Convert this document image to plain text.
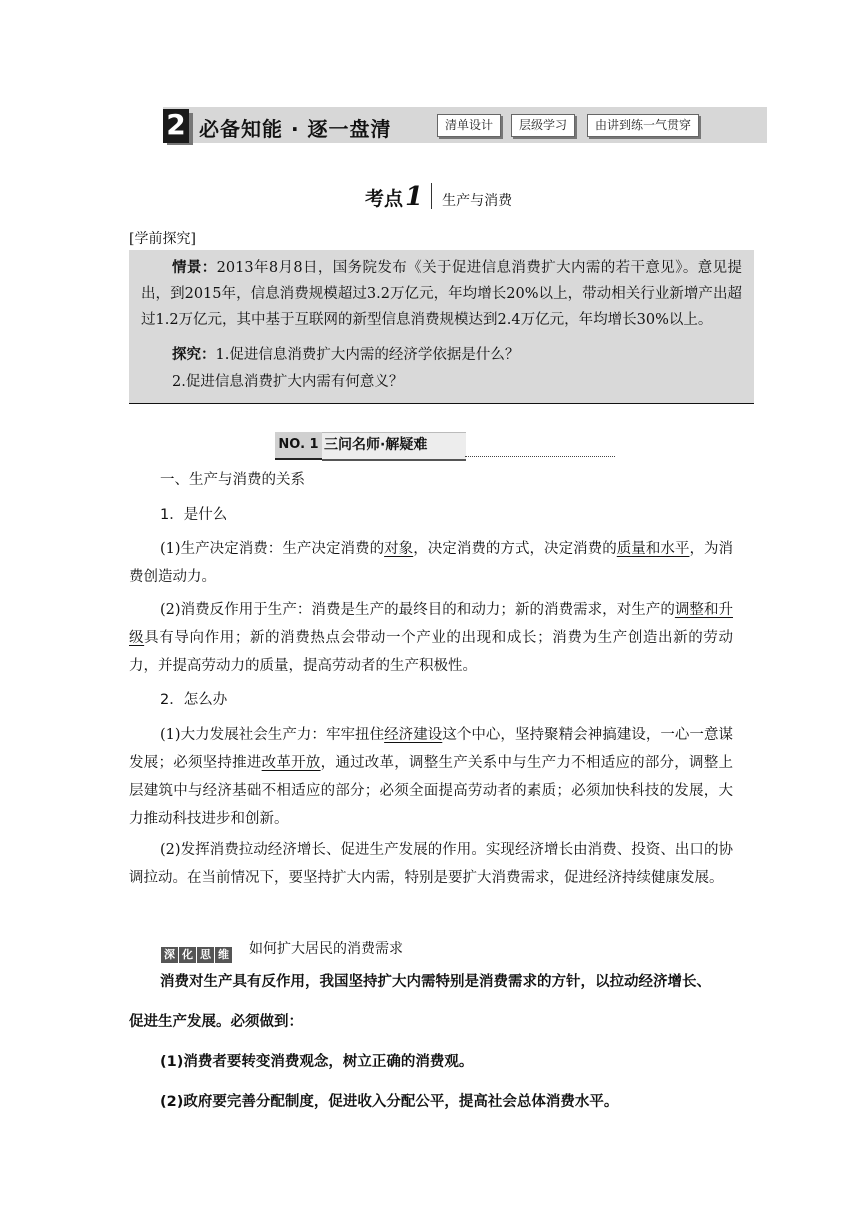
2 必备知能 · 逐一盘清	清单设计	层级学习	由讲到练一气贯穿
考点1 生产与消费
[学前探究]

情景：2013年8月8日，国务院发布《关于促进信息消费扩大内需的若干意见》。意见提出，到2015年，信息消费规模超过3.2万亿元，年均增长20%以上，带动相关行业新增产出超过1.2万亿元，其中基于互联网的新型信息消费规模达到2.4万亿元，年均增长30%以上。

探究：1.促进信息消费扩大内需的经济学依据是什么？

2.促进信息消费扩大内需有何意义？

NO. 1 三问名师·解疑难

一、生产与消费的关系

1．是什么

(1)生产决定消费：生产决定消费的对象，决定消费的方式，决定消费的质量和水平，为消费创造动力。

(2)消费反作用于生产：消费是生产的最终目的和动力；新的消费需求，对生产的调整和升级具有导向作用；新的消费热点会带动一个产业的出现和成长；消费为生产创造出新的劳动力，并提高劳动力的质量，提高劳动者的生产积极性。

2．怎么办

(1)大力发展社会生产力：牢牢扭住经济建设这个中心，坚持聚精会神搞建设，一心一意谋发展；必须坚持推进改革开放，通过改革，调整生产关系中与生产力不相适应的部分，调整上层建筑中与经济基础不相适应的部分；必须全面提高劳动者的素质；必须加快科技的发展，大力推动科技进步和创新。

(2)发挥消费拉动经济增长、促进生产发展的作用。实现经济增长由消费、投资、出口的协调拉动。在当前情况下，要坚持扩大内需，特别是要扩大消费需求，促进经济持续健康发展。

深 化 思 维 如何扩大居民的消费需求

消费对生产具有反作用，我国坚持扩大内需特别是消费需求的方针，以拉动经济增长、

促进生产发展。必须做到：

(1)消费者要转变消费观念，树立正确的消费观。

(2)政府要完善分配制度，促进收入分配公平，提高社会总体消费水平。
